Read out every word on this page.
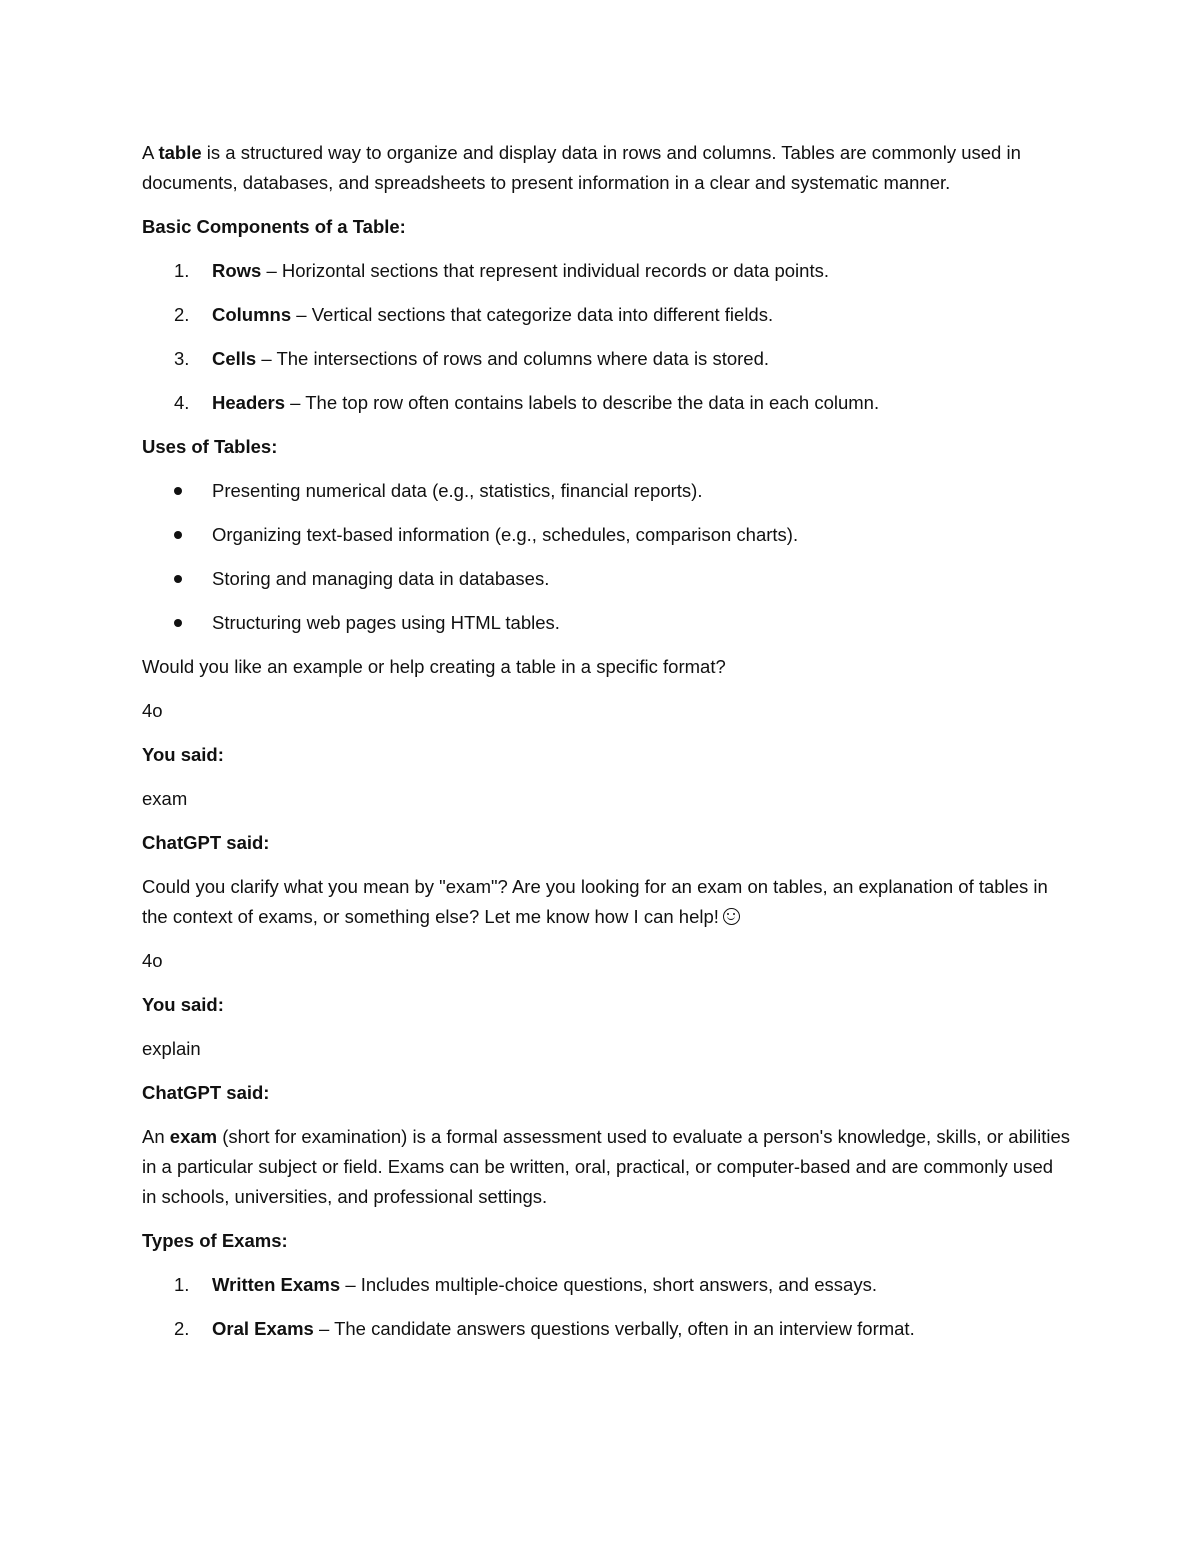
A table is a structured way to organize and display data in rows and columns. Tables are commonly used in documents, databases, and spreadsheets to present information in a clear and systematic manner.

Basic Components of a Table:

1. Rows – Horizontal sections that represent individual records or data points.
2. Columns – Vertical sections that categorize data into different fields.
3. Cells – The intersections of rows and columns where data is stored.
4. Headers – The top row often contains labels to describe the data in each column.

Uses of Tables:

Presenting numerical data (e.g., statistics, financial reports).
Organizing text-based information (e.g., schedules, comparison charts).
Storing and managing data in databases.
Structuring web pages using HTML tables.

Would you like an example or help creating a table in a specific format?

4o

You said:

exam

ChatGPT said:

Could you clarify what you mean by "exam"? Are you looking for an exam on tables, an explanation of tables in the context of exams, or something else? Let me know how I can help!

4o

You said:

explain

ChatGPT said:

An exam (short for examination) is a formal assessment used to evaluate a person's knowledge, skills, or abilities in a particular subject or field. Exams can be written, oral, practical, or computer-based and are commonly used in schools, universities, and professional settings.

Types of Exams:

1. Written Exams – Includes multiple-choice questions, short answers, and essays.
2. Oral Exams – The candidate answers questions verbally, often in an interview format.
